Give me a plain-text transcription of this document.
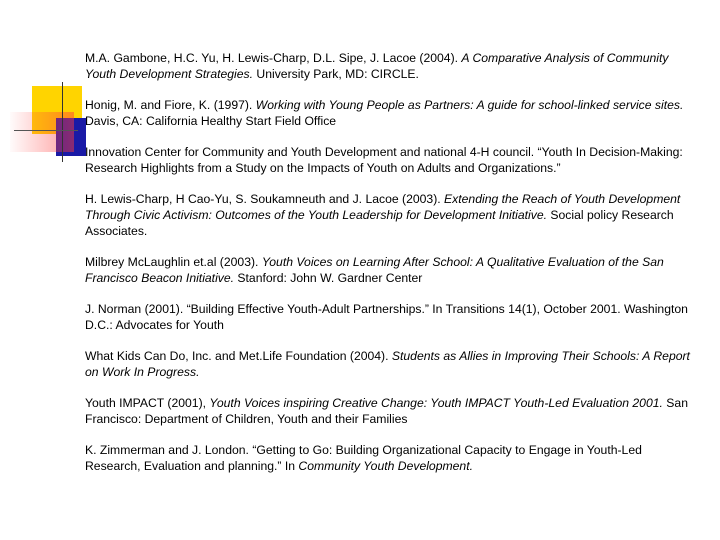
M.A. Gambone, H.C. Yu, H. Lewis-Charp, D.L. Sipe, J. Lacoe (2004). A Comparative Analysis of Community Youth Development Strategies. University Park, MD: CIRCLE.

Honig, M. and Fiore, K. (1997). Working with Young People as Partners: A guide for school-linked service sites. Davis, CA: California Healthy Start Field Office

Innovation Center for Community and Youth Development and national 4-H council. “Youth In Decision-Making: Research Highlights from a Study on the Impacts of Youth on Adults and Organizations.”

H. Lewis-Charp, H Cao-Yu, S. Soukamneuth and J. Lacoe (2003). Extending the Reach of Youth Development Through Civic Activism: Outcomes of the Youth Leadership for Development Initiative. Social policy Research Associates.

Milbrey McLaughlin et.al (2003). Youth Voices on Learning After School: A Qualitative Evaluation of the San Francisco Beacon Initiative. Stanford: John W. Gardner Center

J. Norman (2001). “Building Effective Youth-Adult Partnerships.” In Transitions 14(1), October 2001. Washington D.C.: Advocates for Youth

What Kids Can Do, Inc. and Met.Life Foundation (2004). Students as Allies in Improving Their Schools: A Report on Work In Progress.

Youth IMPACT (2001), Youth Voices inspiring Creative Change: Youth IMPACT Youth-Led Evaluation 2001. San Francisco: Department of Children, Youth and their Families

K. Zimmerman and J. London. “Getting to Go: Building Organizational Capacity to Engage in Youth-Led Research, Evaluation and planning.” In Community Youth Development.
